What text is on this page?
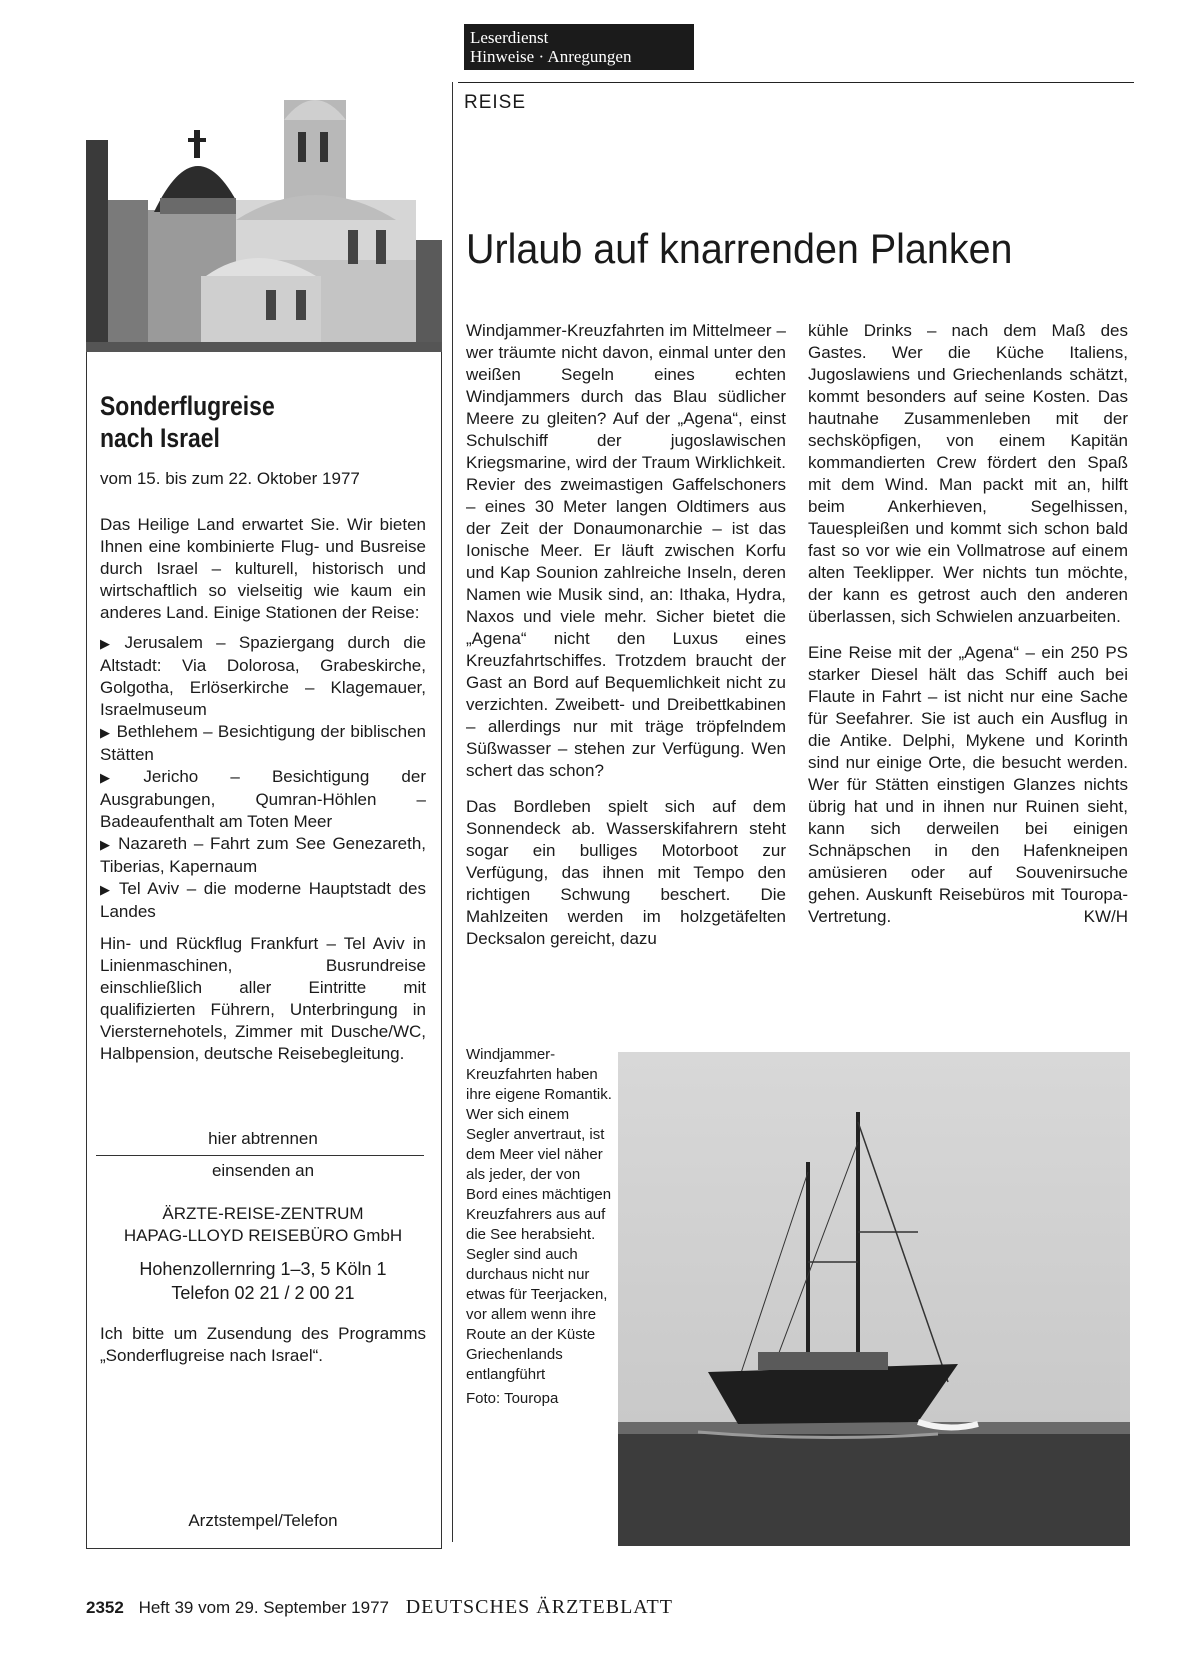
Leserdienst
Hinweise · Anregungen
REISE
Urlaub auf knarrenden Planken
Sonderflugreise
nach Israel
vom 15. bis zum 22. Oktober 1977

Das Heilige Land erwartet Sie. Wir bieten Ihnen eine kombinierte Flug- und Busreise durch Israel – kulturell, historisch und wirtschaftlich so vielseitig wie kaum ein anderes Land. Einige Stationen der Reise:

▶ Jerusalem – Spaziergang durch die Altstadt: Via Dolorosa, Grabeskirche, Golgotha, Erlöserkirche – Klagemauer, Israelmuseum

▶ Bethlehem – Besichtigung der biblischen Stätten

▶ Jericho – Besichtigung der Ausgrabungen, Qumran-Höhlen – Badeaufenthalt am Toten Meer

▶ Nazareth – Fahrt zum See Genezareth, Tiberias, Kapernaum

▶ Tel Aviv – die moderne Hauptstadt des Landes

Hin- und Rückflug Frankfurt – Tel Aviv in Linienmaschinen, Busrundreise einschließlich aller Eintritte mit qualifizierten Führern, Unterbringung in Viersternehotels, Zimmer mit Dusche/WC, Halbpension, deutsche Reisebegleitung.

hier abtrennen
einsenden an
ÄRZTE-REISE-ZENTRUM
HAPAG-LLOYD REISEBÜRO GmbH
Hohenzollernring 1–3, 5 Köln 1
Telefon 02 21 / 2 00 21
Ich bitte um Zusendung des Programms „Sonderflugreise nach Israel“.
Arztstempel/Telefon

Windjammer-Kreuzfahrten im Mittelmeer – wer träumte nicht davon, einmal unter den weißen Segeln eines echten Windjammers durch das Blau südlicher Meere zu gleiten? Auf der „Agena“, einst Schulschiff der jugoslawischen Kriegsmarine, wird der Traum Wirklichkeit. Revier des zweimastigen Gaffelschoners – eines 30 Meter langen Oldtimers aus der Zeit der Donaumonarchie – ist das Ionische Meer. Er läuft zwischen Korfu und Kap Sounion zahlreiche Inseln, deren Namen wie Musik sind, an: Ithaka, Hydra, Naxos und viele mehr. Sicher bietet die „Agena“ nicht den Luxus eines Kreuzfahrtschiffes. Trotzdem braucht der Gast an Bord auf Bequemlichkeit nicht zu verzichten. Zweibett- und Dreibettkabinen – allerdings nur mit träge tröpfelndem Süßwasser – stehen zur Verfügung. Wen schert das schon?

Das Bordleben spielt sich auf dem Sonnendeck ab. Wasserskifahrern steht sogar ein bulliges Motorboot zur Verfügung, das ihnen mit Tempo den richtigen Schwung beschert. Die Mahlzeiten werden im holzgetäfelten Decksalon gereicht, dazu

kühle Drinks – nach dem Maß des Gastes. Wer die Küche Italiens, Jugoslawiens und Griechenlands schätzt, kommt besonders auf seine Kosten. Das hautnahe Zusammenleben mit der sechsköpfigen, von einem Kapitän kommandierten Crew fördert den Spaß mit dem Wind. Man packt mit an, hilft beim Ankerhieven, Segelhissen, Tauespleißen und kommt sich schon bald fast so vor wie ein Vollmatrose auf einem alten Teeklipper. Wer nichts tun möchte, der kann es getrost auch den anderen überlassen, sich Schwielen anzuarbeiten.

Eine Reise mit der „Agena“ – ein 250 PS starker Diesel hält das Schiff auch bei Flaute in Fahrt – ist nicht nur eine Sache für Seefahrer. Sie ist auch ein Ausflug in die Antike. Delphi, Mykene und Korinth sind nur einige Orte, die besucht werden. Wer für Stätten einstigen Glanzes nichts übrig hat und in ihnen nur Ruinen sieht, kann sich derweilen bei einigen Schnäpschen in den Hafenkneipen amüsieren oder auf Souvenirsuche gehen. Auskunft Reisebüros mit Touropa-Vertretung.	KW/H

Windjammer-Kreuzfahrten haben ihre eigene Romantik. Wer sich einem Segler anvertraut, ist dem Meer viel näher als jeder, der von Bord eines mächtigen Kreuzfahrers aus auf die See herabsieht. Segler sind auch durchaus nicht nur etwas für Teerjacken, vor allem wenn ihre Route an der Küste Griechenlands entlangführt
Foto: Touropa
2352 Heft 39 vom 29. September 1977 DEUTSCHES ÄRZTEBLATT
